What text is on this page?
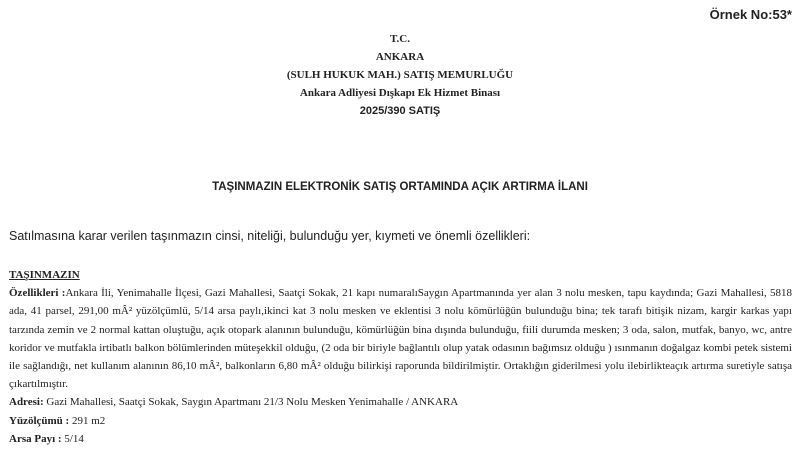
Örnek No:53*
T.C.
ANKARA
(SULH HUKUK MAH.) SATIŞ MEMURLUĞU
Ankara Adliyesi Dışkapı Ek Hizmet Binası
2025/390 SATIŞ
TAŞINMAZIN ELEKTRONİK SATIŞ ORTAMINDA AÇIK ARTIRMA İLANI
Satılmasına karar verilen taşınmazın cinsi, niteliği, bulunduğu yer, kıymeti ve önemli özellikleri:

TAŞINMAZIN

Özellikleri :Ankara İli, Yenimahalle İlçesi, Gazi Mahallesi, Saatçi Sokak, 21 kapı numaralıSaygın Apartmanında yer alan 3 nolu mesken, tapu kaydında; Gazi Mahallesi, 5818 ada, 41 parsel, 291,00 mÂ² yüzölçümlü, 5/14 arsa paylı,ikinci kat 3 nolu mesken ve eklentisi 3 nolu kömürlüğün bulunduğu bina; tek tarafı bitişik nizam, kargir karkas yapı tarzında zemin ve 2 normal kattan oluştuğu, açık otopark alanının bulunduğu, kömürlüğün bina dışında bulunduğu, fiili durumda mesken; 3 oda, salon, mutfak, banyo, wc, antre koridor ve mutfakla irtibatlı balkon bölümlerinden müteşekkil olduğu, (2 oda bir biriyle bağlantılı olup yatak odasının bağımsız olduğu ) ısınmanın doğalgaz kombi petek sistemi ile sağlandığı, net kullanım alanının 86,10 mÂ², balkonların 6,80 mÂ² olduğu bilirkişi raporunda bildirilmiştir. Ortaklığın giderilmesi yolu ilebirlikteaçık artırma suretiyle satışa çıkartılmıştır.

Adresi: Gazi Mahallesi, Saatçi Sokak, Saygın Apartmanı 21/3 Nolu Mesken Yenimahalle / ANKARA

Yüzölçümü : 291 m2

Arsa Payı : 5/14
